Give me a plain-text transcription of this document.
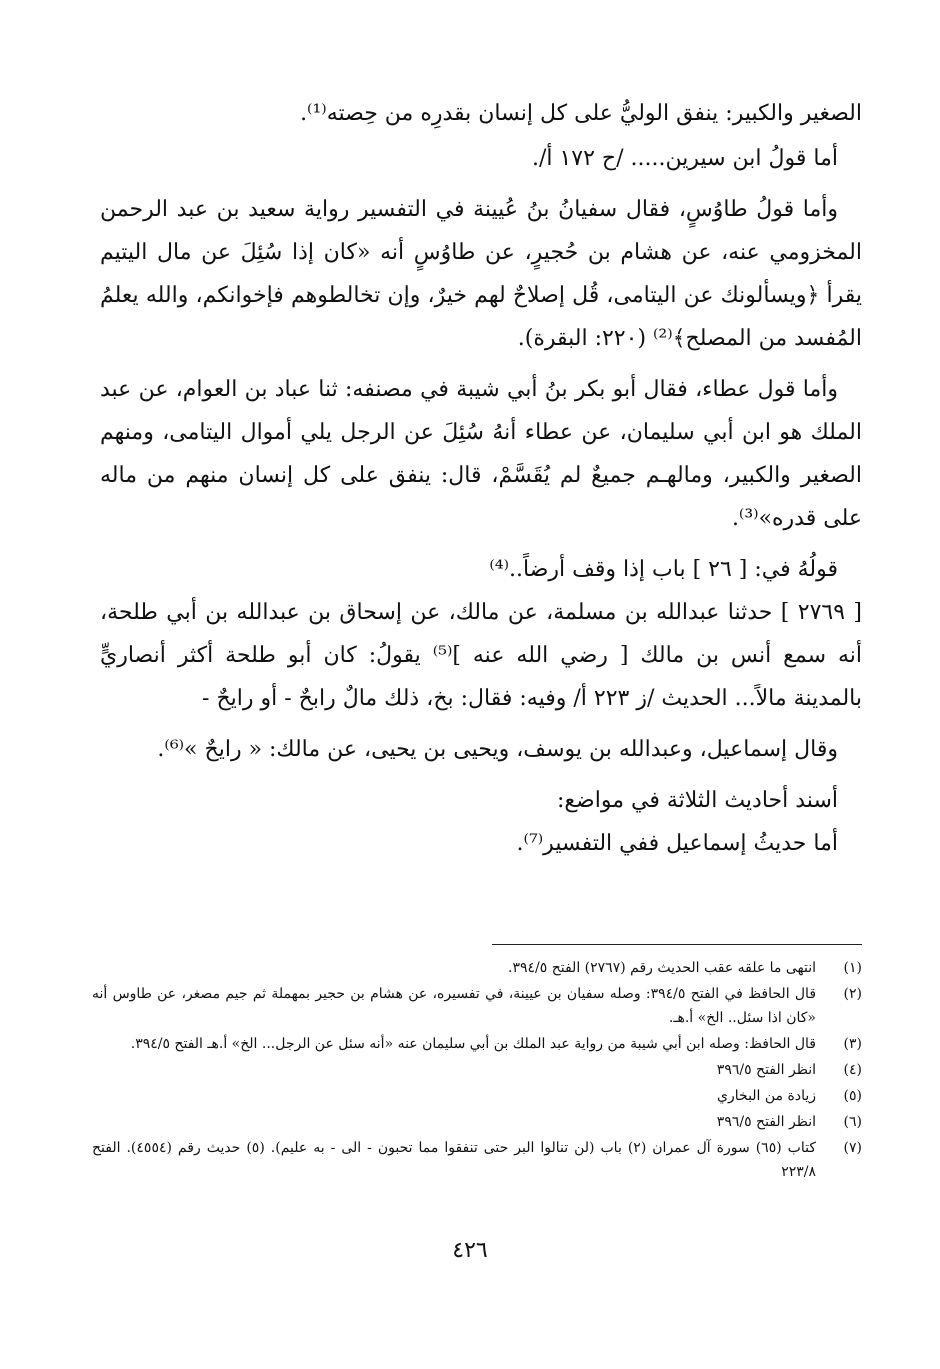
الصغير والكبير: ينفق الوليُّ على كل إنسان بقدرِه من حِصته⁽¹⁾.

أما قولُ ابن سيرين..... /ح ١٧٢ أ/.

وأما قولُ طاوُسٍ، فقال سفيانُ بنُ عُيينة في التفسير رواية سعيد بن عبد الرحمن المخزومي عنه، عن هشام بن حُجيرٍ، عن طاوُسٍ أنه «كان إذا سُئِلَ عن مال اليتيم يقرأ ﴿ويسألونك عن اليتامى، قُل إصلاحٌ لهم خيرٌ، وإن تخالطوهم فإخوانكم، والله يعلمُ المُفسد من المصلح﴾⁽²⁾ (٢٢٠: البقرة).

وأما قول عطاء، فقال أبو بكر بنُ أبي شيبة في مصنفه: ثنا عباد بن العوام، عن عبد الملك هو ابن أبي سليمان، عن عطاء أنهُ سُئِلَ عن الرجل يلي أموال اليتامى، ومنهم الصغير والكبير، ومالهـم جميعٌ لم يُقَسَّمْ، قال: ينفق على كل إنسان منهم من ماله على قدره»⁽³⁾.

قولُهُ في: [ ٢٦ ] باب إذا وقف أرضاً..⁽⁴⁾

[ ٢٧٦٩ ] حدثنا عبدالله بن مسلمة، عن مالك، عن إسحاق بن عبدالله بن أبي طلحة، أنه سمع أنس بن مالك [ رضي الله عنه ]⁽⁵⁾ يقولُ: كان أبو طلحة أكثر أنصاريٍّ بالمدينة مالاً... الحديث /ز ٢٢٣ أ/ وفيه: فقال: بخ، ذلك مالٌ رابحٌ - أو رايحٌ -

وقال إسماعيل، وعبدالله بن يوسف، ويحيى بن يحيى، عن مالك: « رايحٌ »⁽⁶⁾.

أسند أحاديث الثلاثة في مواضع:

أما حديثُ إسماعيل ففي التفسير⁽⁷⁾.

(١)
انتهى ما علقه عقب الحديث رقم (٢٧٦٧) الفتح ٣٩٤/٥.
(٢)
قال الحافظ في الفتح ٣٩٤/٥: وصله سفيان بن عيينة، في تفسيره، عن هشام بن حجير بمهملة ثم جيم مصغر، عن طاوس أنه «كان اذا سئل.. الخ» أ.هـ.
(٣)
قال الحافظ: وصله ابن أبي شيبة من رواية عبد الملك بن أبي سليمان عنه «أنه سئل عن الرجل... الخ» أ.هـ الفتح ٣٩٤/٥.
(٤)
انظر الفتح ٣٩٦/٥
(٥)
زيادة من البخاري
(٦)
انظر الفتح ٣٩٦/٥
(٧)
كتاب (٦٥) سورة آل عمران (٢) باب (لن تنالوا البر حتى تنفقوا مما تحبون - الى - به عليم). (٥) حديث رقم (٤٥٥٤). الفتح ٢٢٣/٨
٤٢٦
